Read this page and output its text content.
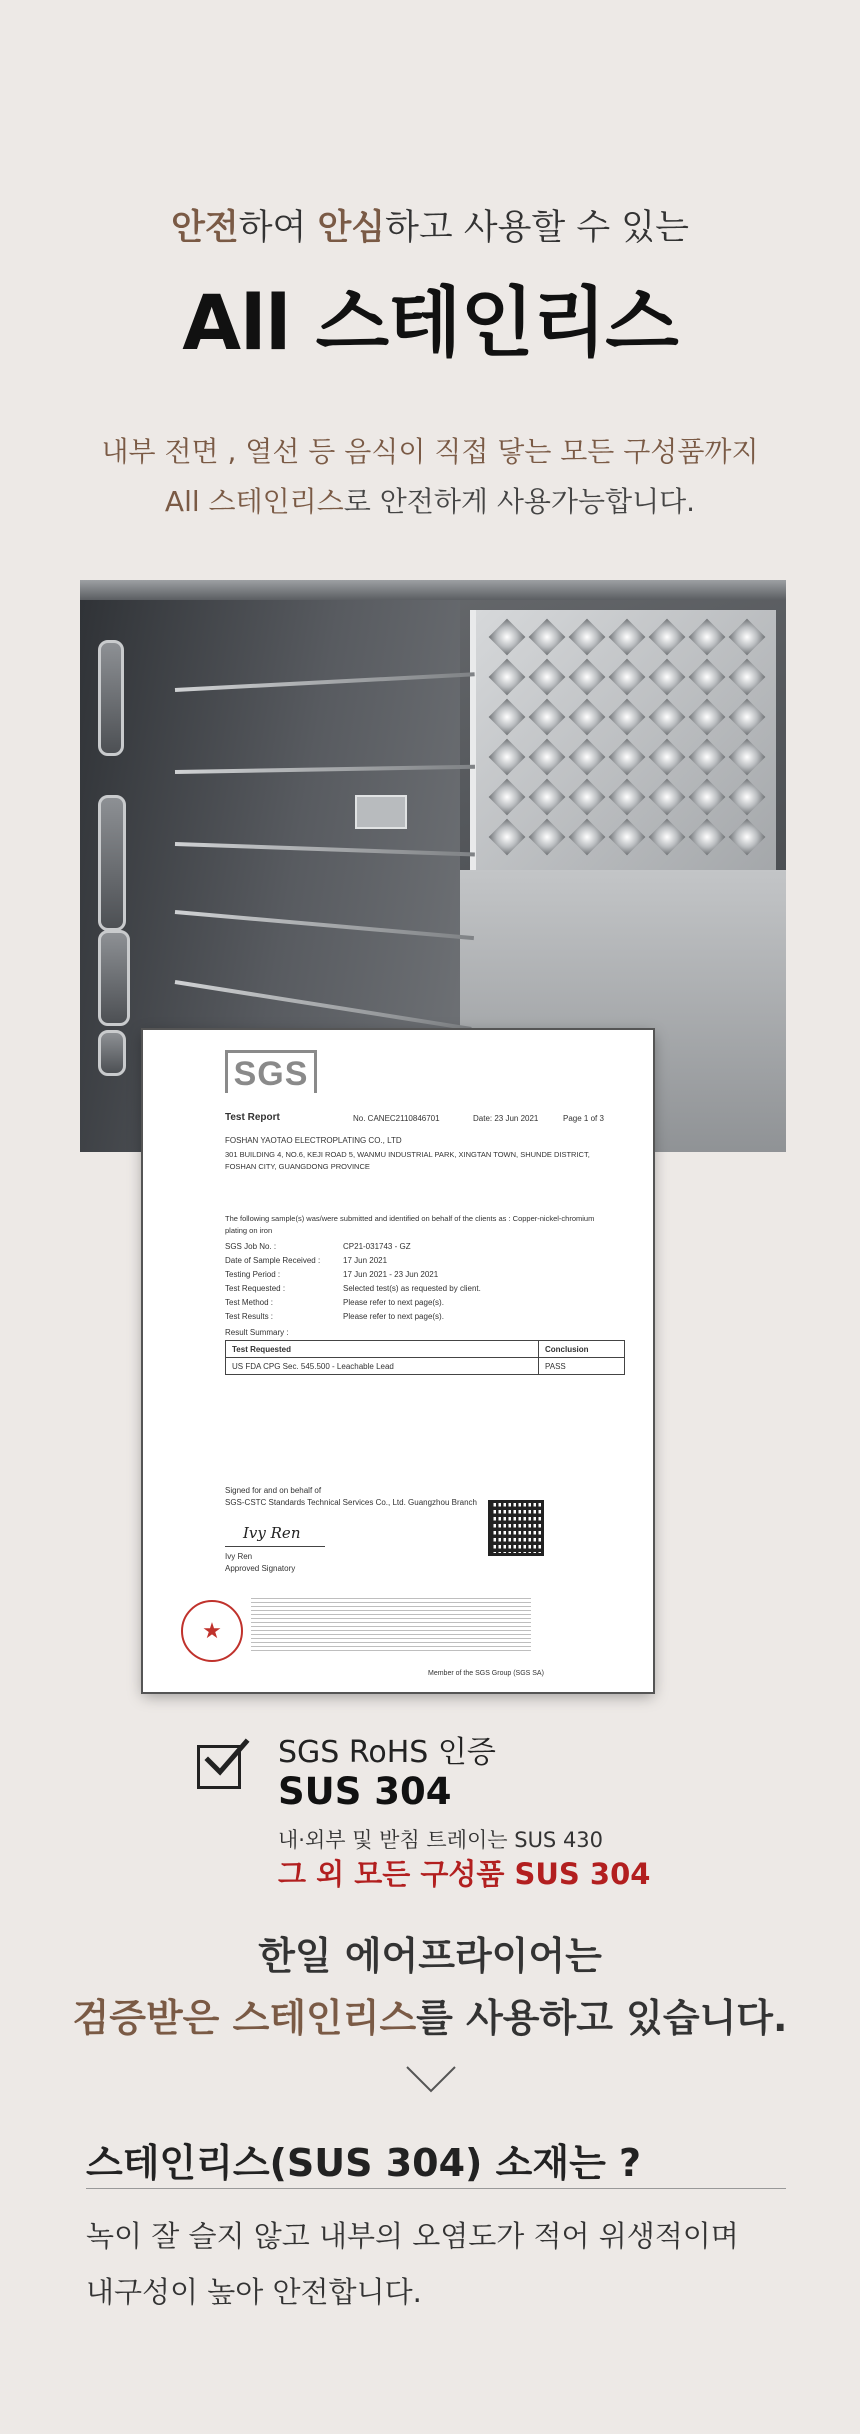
안전하여 안심하고 사용할 수 있는
All 스테인리스
내부 전면 , 열선 등 음식이 직접 닿는 모든 구성품까지
All 스테인리스로 안전하게 사용가능합니다.
SGS
Test Report	No. CANEC2110846701	Date: 23 Jun 2021	Page 1 of 3
FOSHAN YAOTAO ELECTROPLATING CO., LTD
301 BUILDING 4, NO.6, KEJI ROAD 5, WANMU INDUSTRIAL PARK, XINGTAN TOWN, SHUNDE DISTRICT,
FOSHAN CITY, GUANGDONG PROVINCE
The following sample(s) was/were submitted and identified on behalf of the clients as : Copper-nickel-chromium
plating on iron
SGS Job No. :	CP21-031743 - GZ
Date of Sample Received :	17 Jun 2021
Testing Period :	17 Jun 2021 - 23 Jun 2021
Test Requested :	Selected test(s) as requested by client.
Test Method :	Please refer to next page(s).
Test Results :	Please refer to next page(s).
Result Summary :
Test Requested	Conclusion
US FDA CPG Sec. 545.500 - Leachable Lead	PASS
Signed for and on behalf of
SGS-CSTC Standards Technical Services Co., Ltd. Guangzhou Branch
Ivy Ren
Ivy Ren
Approved Signatory
★
Member of the SGS Group (SGS SA)
SGS RoHS 인증
SUS 304
내·외부 및 받침 트레이는 SUS 430
그 외 모든 구성품 SUS 304
한일 에어프라이어는
검증받은 스테인리스를 사용하고 있습니다.
스테인리스(SUS 304) 소재는 ?
녹이 잘 슬지 않고 내부의 오염도가 적어 위생적이며
내구성이 높아 안전합니다.
